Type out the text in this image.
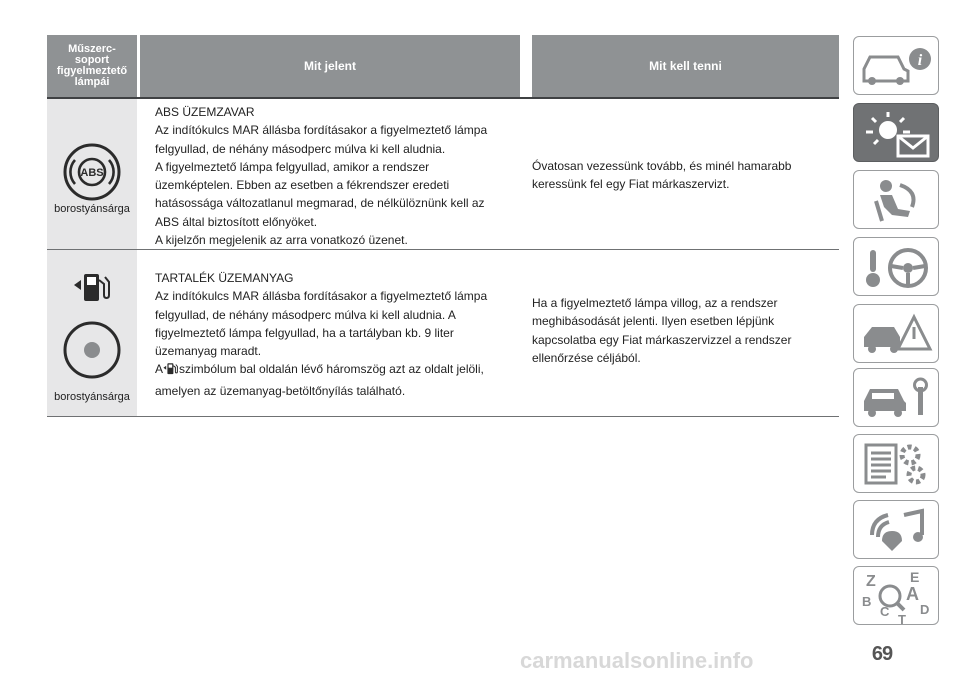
Műszerc-
soport
figyelmeztető
lámpái
Mit jelent	Mit kell tenni
ABS
borostyánsárga

ABS ÜZEMZAVAR

Az indítókulcs MAR állásba fordításakor a figyelmeztető lámpa

felgyullad, de néhány másodperc múlva ki kell aludnia.

A figyelmeztető lámpa felgyullad, amikor a rendszer

üzemképtelen. Ebben az esetben a fékrendszer eredeti

hatásossága változatlanul megmarad, de nélkülöznünk kell az

ABS által biztosított előnyöket.

A kijelzőn megjelenik az arra vonatkozó üzenet.

Óvatosan vezessünk tovább, és minél hamarabb

keressünk fel egy Fiat márkaszervizt.

borostyánsárga

TARTALÉK ÜZEMANYAG

Az indítókulcs MAR állásba fordításakor a figyelmeztető lámpa

felgyullad, de néhány másodperc múlva ki kell aludnia. A

figyelmeztető lámpa felgyullad, ha a tartályban kb. 9 liter

üzemanyag maradt.

A szimbólum bal oldalán lévő háromszög azt az oldalt jelöli,

amelyen az üzemanyag-betöltőnyílás található.

Ha a figyelmeztető lámpa villog, az a rendszer

meghibásodását jelenti. Ilyen esetben lépjünk

kapcsolatba egy Fiat márkaszervizzel a rendszer

ellenőrzése céljából.

i
Z E
A
B
D
C
T
69
carmanualsonline.info
